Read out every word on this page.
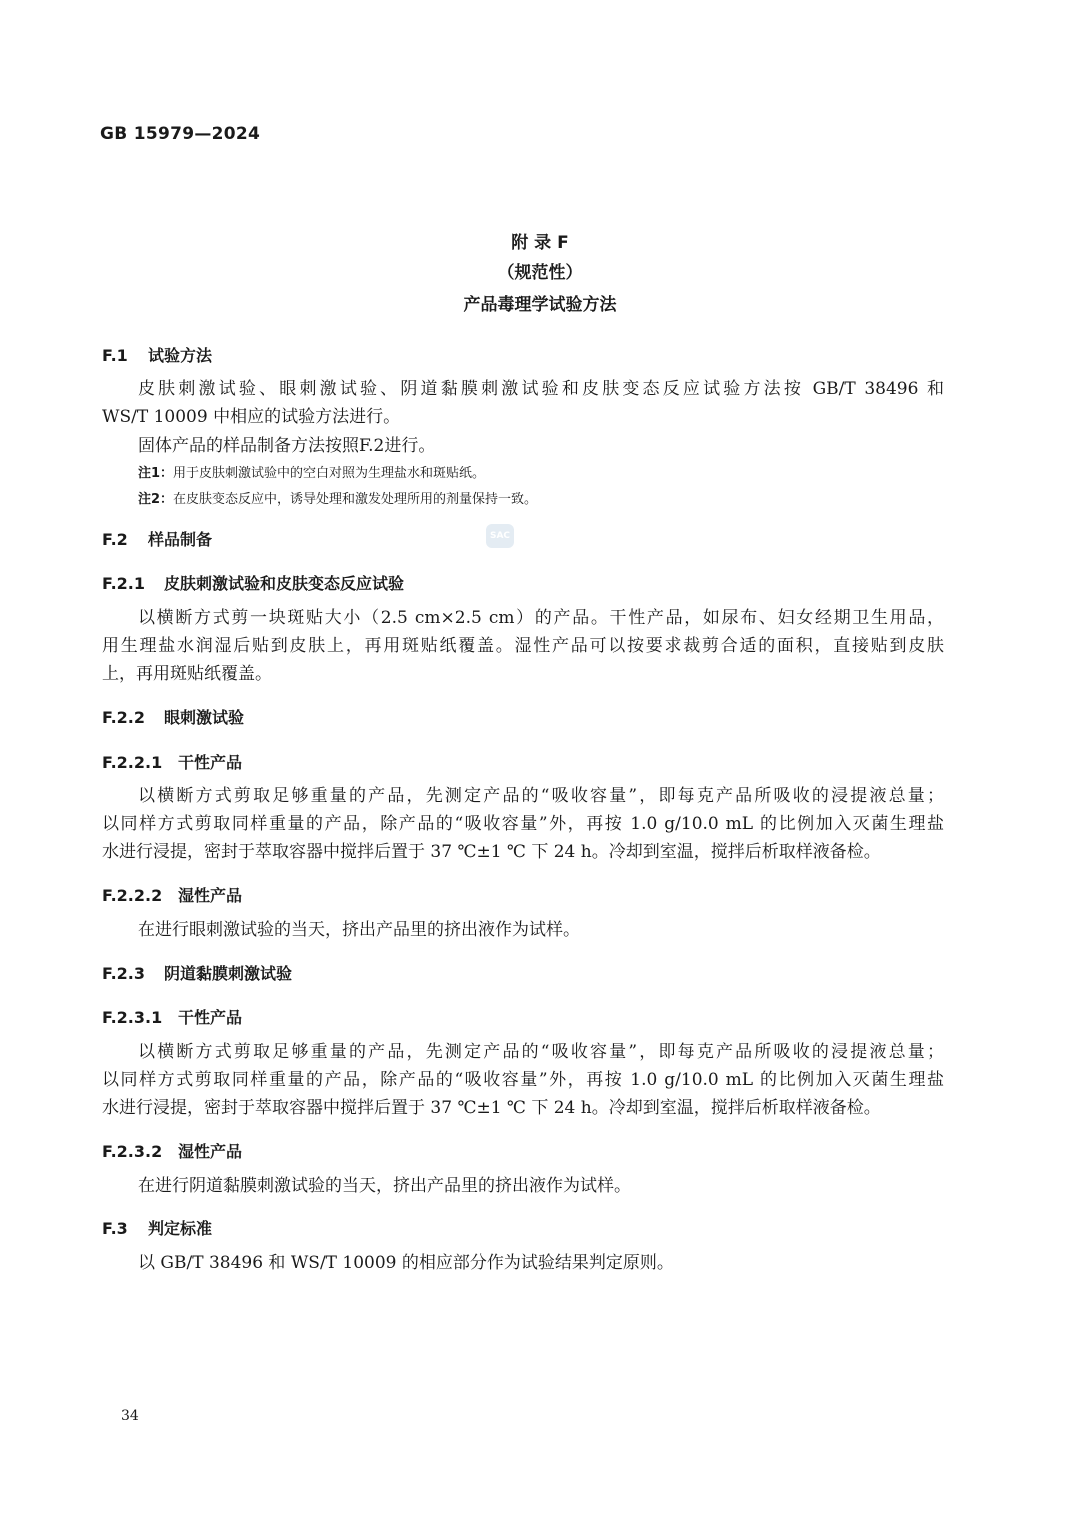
GB 15979—2024
附 录 F
（规范性）
产品毒理学试验方法
F.1 试验方法
皮肤刺激试验、眼刺激试验、阴道黏膜刺激试验和皮肤变态反应试验方法按 GB/T 38496 和
WS/T 10009 中相应的试验方法进行。
固体产品的样品制备方法按照F.2进行。
注1：用于皮肤刺激试验中的空白对照为生理盐水和斑贴纸。
注2：在皮肤变态反应中，诱导处理和激发处理所用的剂量保持一致。
SAC
F.2 样品制备
F.2.1 皮肤刺激试验和皮肤变态反应试验
以横断方式剪一块斑贴大小（2.5 cm×2.5 cm）的产品。干性产品，如尿布、妇女经期卫生用品，
用生理盐水润湿后贴到皮肤上，再用斑贴纸覆盖。湿性产品可以按要求裁剪合适的面积，直接贴到皮肤
上，再用斑贴纸覆盖。
F.2.2 眼刺激试验
F.2.2.1 干性产品
以横断方式剪取足够重量的产品，先测定产品的“吸收容量”，即每克产品所吸收的浸提液总量；
以同样方式剪取同样重量的产品，除产品的“吸收容量”外，再按 1.0 g/10.0 mL 的比例加入灭菌生理盐
水进行浸提，密封于萃取容器中搅拌后置于 37 ℃±1 ℃ 下 24 h。冷却到室温，搅拌后析取样液备检。
F.2.2.2 湿性产品
在进行眼刺激试验的当天，挤出产品里的挤出液作为试样。
F.2.3 阴道黏膜刺激试验
F.2.3.1 干性产品
以横断方式剪取足够重量的产品，先测定产品的“吸收容量”，即每克产品所吸收的浸提液总量；
以同样方式剪取同样重量的产品，除产品的“吸收容量”外，再按 1.0 g/10.0 mL 的比例加入灭菌生理盐
水进行浸提，密封于萃取容器中搅拌后置于 37 ℃±1 ℃ 下 24 h。冷却到室温，搅拌后析取样液备检。
F.2.3.2 湿性产品
在进行阴道黏膜刺激试验的当天，挤出产品里的挤出液作为试样。
F.3 判定标准
以 GB/T 38496 和 WS/T 10009 的相应部分作为试验结果判定原则。
34
